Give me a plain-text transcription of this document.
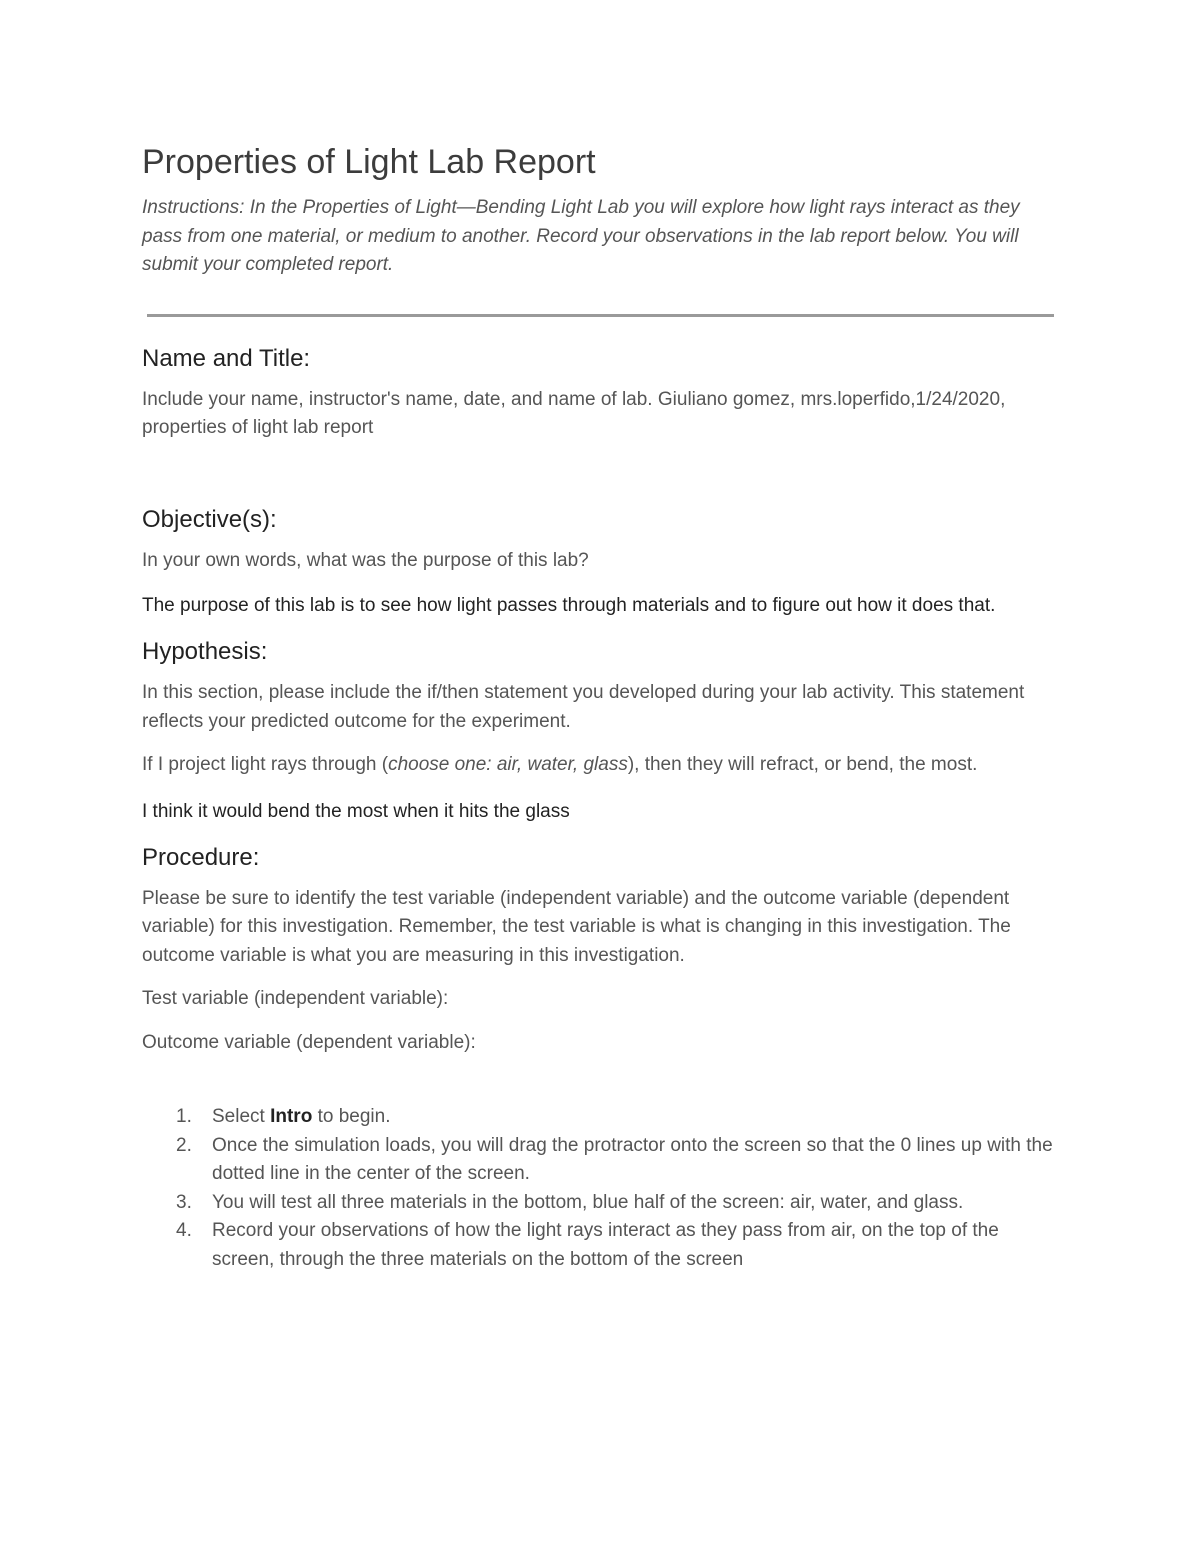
Properties of Light Lab Report

Instructions: In the Properties of Light—Bending Light Lab you will explore how light rays interact as they pass from one material, or medium to another. Record your observations in the lab report below. You will submit your completed report.

Name and Title:

Include your name, instructor's name, date, and name of lab. Giuliano gomez, mrs.loperfido,1/24/2020, properties of light lab report

Objective(s):

In your own words, what was the purpose of this lab?

The purpose of this lab is to see how light passes through materials and to figure out how it does that.

Hypothesis:

In this section, please include the if/then statement you developed during your lab activity. This statement reflects your predicted outcome for the experiment.

If I project light rays through (choose one: air, water, glass), then they will refract, or bend, the most.

I think it would bend the most when it hits the glass

Procedure:

Please be sure to identify the test variable (independent variable) and the outcome variable (dependent variable) for this investigation. Remember, the test variable is what is changing in this investigation. The outcome variable is what you are measuring in this investigation.

Test variable (independent variable):

Outcome variable (dependent variable):

1. Select Intro to begin.
2. Once the simulation loads, you will drag the protractor onto the screen so that the 0 lines up with the dotted line in the center of the screen.
3. You will test all three materials in the bottom, blue half of the screen: air, water, and glass.
4. Record your observations of how the light rays interact as they pass from air, on the top of the screen, through the three materials on the bottom of the screen
